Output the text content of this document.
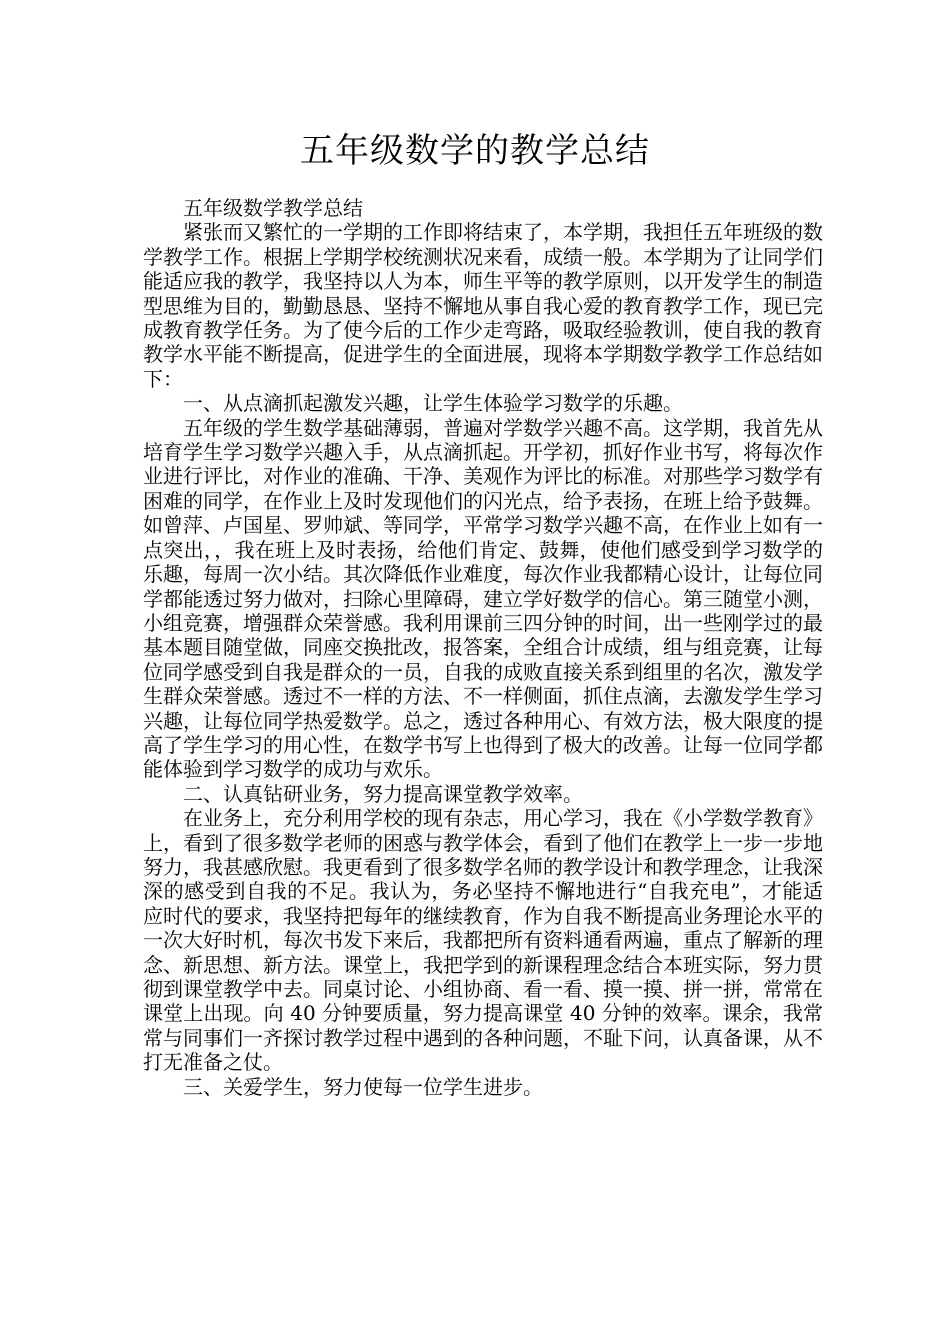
五年级数学的教学总结

五年级数学教学总结

紧张而又繁忙的一学期的工作即将结束了，本学期，我担任五年班级的数学教学工作。根据上学期学校统测状况来看，成绩一般。本学期为了让同学们能适应我的教学，我坚持以人为本，师生平等的教学原则，以开发学生的制造型思维为目的，勤勤恳恳、坚持不懈地从事自我心爱的教育教学工作，现已完成教育教学任务。为了使今后的工作少走弯路，吸取经验教训，使自我的教育教学水平能不断提高，促进学生的全面进展，现将本学期数学教学工作总结如下：

一、从点滴抓起激发兴趣，让学生体验学习数学的乐趣。

五年级的学生数学基础薄弱，普遍对学数学兴趣不高。这学期，我首先从培育学生学习数学兴趣入手，从点滴抓起。开学初，抓好作业书写，将每次作业进行评比，对作业的准确、干净、美观作为评比的标准。对那些学习数学有困难的同学，在作业上及时发现他们的闪光点，给予表扬，在班上给予鼓舞。如曾萍、卢国星、罗帅斌、等同学，平常学习数学兴趣不高，在作业上如有一点突出，，我在班上及时表扬，给他们肯定、鼓舞，使他们感受到学习数学的乐趣，每周一次小结。其次降低作业难度，每次作业我都精心设计，让每位同学都能透过努力做对，扫除心里障碍，建立学好数学的信心。第三随堂小测，小组竞赛，增强群众荣誉感。我利用课前三四分钟的时间，出一些刚学过的最基本题目随堂做，同座交换批改，报答案，全组合计成绩，组与组竞赛，让每位同学感受到自我是群众的一员，自我的成败直接关系到组里的名次，激发学生群众荣誉感。透过不一样的方法、不一样侧面，抓住点滴，去激发学生学习兴趣，让每位同学热爱数学。总之，透过各种用心、有效方法，极大限度的提高了学生学习的用心性，在数学书写上也得到了极大的改善。让每一位同学都能体验到学习数学的成功与欢乐。

二、认真钻研业务，努力提高课堂教学效率。

在业务上，充分利用学校的现有杂志，用心学习，我在《小学数学教育》上，看到了很多数学老师的困惑与教学体会，看到了他们在教学上一步一步地努力，我甚感欣慰。我更看到了很多数学名师的教学设计和教学理念，让我深深的感受到自我的不足。我认为，务必坚持不懈地进行“自我充电”，才能适应时代的要求，我坚持把每年的继续教育，作为自我不断提高业务理论水平的一次大好时机，每次书发下来后，我都把所有资料通看两遍，重点了解新的理念、新思想、新方法。课堂上，我把学到的新课程理念结合本班实际，努力贯彻到课堂教学中去。同桌讨论、小组协商、看一看、摸一摸、拼一拼，常常在课堂上出现。向 40 分钟要质量，努力提高课堂 40 分钟的效率。课余，我常常与同事们一齐探讨教学过程中遇到的各种问题，不耻下问，认真备课，从不打无准备之仗。

三、关爱学生，努力使每一位学生进步。
